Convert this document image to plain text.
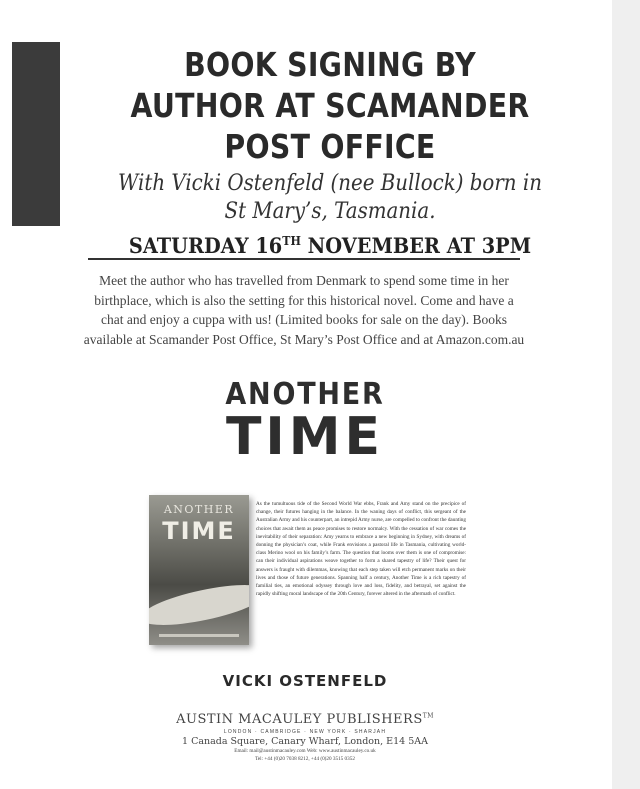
BOOK SIGNING BY
AUTHOR AT SCAMANDER
POST OFFICE
With Vicki Ostenfeld (nee Bullock) born in
St Mary’s, Tasmania.
SATURDAY 16TH NOVEMBER AT 3PM
Meet the author who has travelled from Denmark to spend some time in her birthplace, which is also the setting for this historical novel. Come and have a chat and enjoy a cuppa with us! (Limited books for sale on the day). Books available at Scamander Post Office, St Mary’s Post Office and at Amazon.com.au
ANOTHER
TIME
ANOTHER
TIME
As the tumultuous tide of the Second World War ebbs, Frank and Amy stand on the precipice of change, their futures hanging in the balance. In the waning days of conflict, this sergeant of the Australian Army and his counterpart, an intrepid Army nurse, are compelled to confront the daunting choices that await them as peace promises to restore normalcy. With the cessation of war comes the inevitability of their separation: Amy yearns to embrace a new beginning in Sydney, with dreams of donning the physician’s coat, while Frank envisions a pastoral life in Tasmania, cultivating world-class Merino wool on his family’s farm. The question that looms over them is one of compromise: can their individual aspirations weave together to form a shared tapestry of life? Their quest for answers is fraught with dilemmas, knowing that each step taken will etch permanent marks on their lives and those of future generations. Spanning half a century, Another Time is a rich tapestry of familial ties, an emotional odyssey through love and loss, fidelity, and betrayal, set against the rapidly shifting moral landscape of the 20th Century, forever altered in the aftermath of conflict.
VICKI OSTENFELD
AUSTIN MACAULEY PUBLISHERS™
LONDON · CAMBRIDGE · NEW YORK · SHARJAH
1 Canada Square, Canary Wharf, London, E14 5AA
Email: mail@austinmacauley.com Web: www.austinmacauley.co.uk
Tel: +44 (0)20 7038 8212, +44 (0)20 3515 0352
